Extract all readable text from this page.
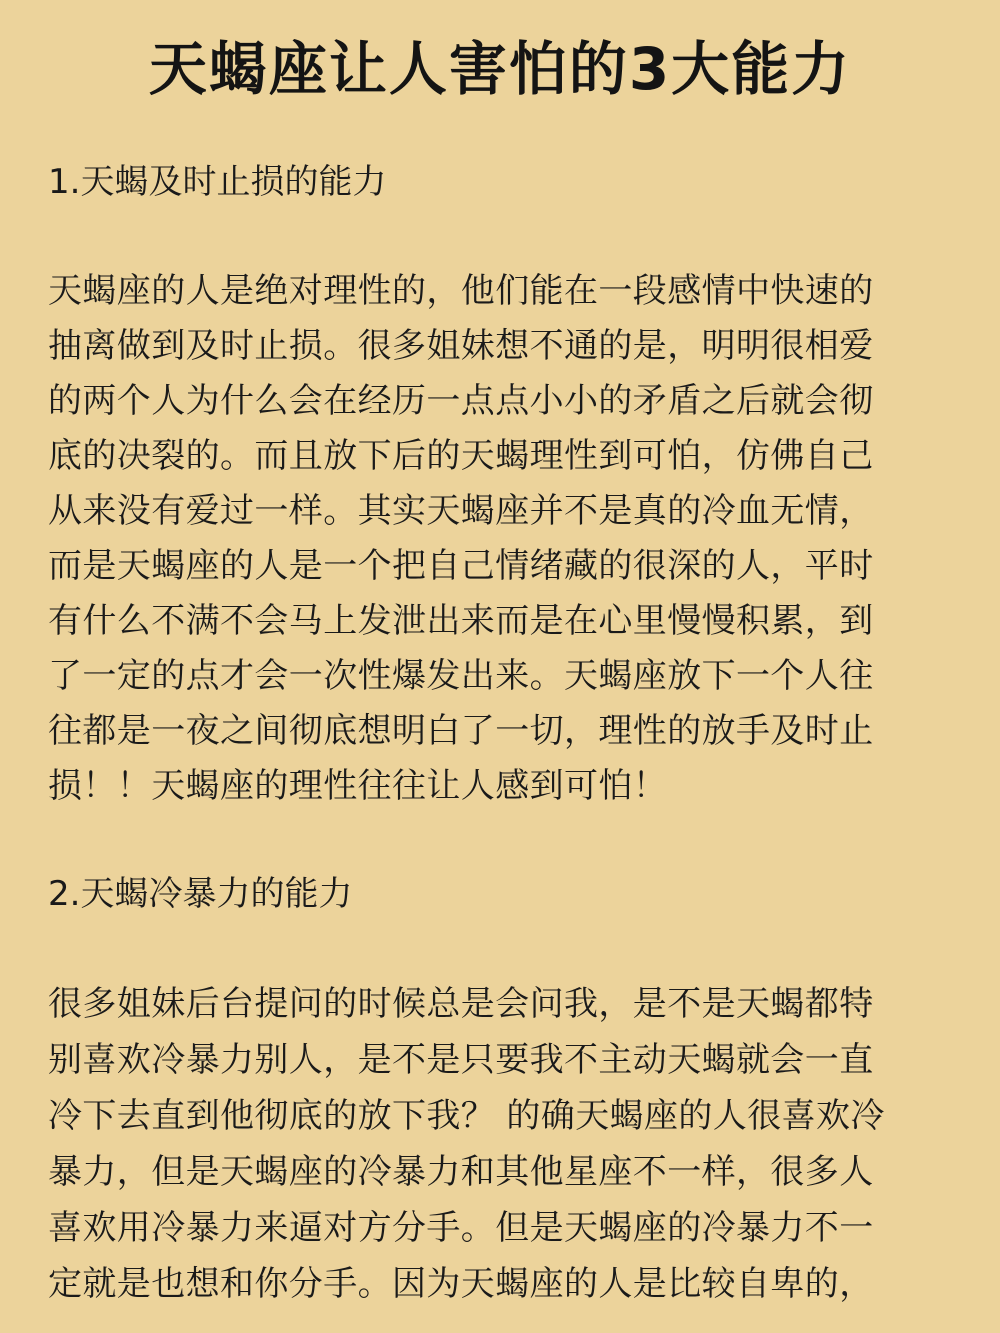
天蝎座让人害怕的3大能力
1.天蝎及时止损的能力
天蝎座的人是绝对理性的，他们能在一段感情中快速的
抽离做到及时止损。很多姐妹想不通的是，明明很相爱
的两个人为什么会在经历一点点小小的矛盾之后就会彻
底的决裂的。而且放下后的天蝎理性到可怕，仿佛自己
从来没有爱过一样。其实天蝎座并不是真的冷血无情，
而是天蝎座的人是一个把自己情绪藏的很深的人，平时
有什么不满不会马上发泄出来而是在心里慢慢积累，到
了一定的点才会一次性爆发出来。天蝎座放下一个人往
往都是一夜之间彻底想明白了一切，理性的放手及时止
损！！天蝎座的理性往往让人感到可怕！
2.天蝎冷暴力的能力
很多姐妹后台提问的时候总是会问我，是不是天蝎都特
别喜欢冷暴力别人，是不是只要我不主动天蝎就会一直
冷下去直到他彻底的放下我？ 的确天蝎座的人很喜欢冷
暴力，但是天蝎座的冷暴力和其他星座不一样，很多人
喜欢用冷暴力来逼对方分手。但是天蝎座的冷暴力不一
定就是也想和你分手。因为天蝎座的人是比较自卑的，
